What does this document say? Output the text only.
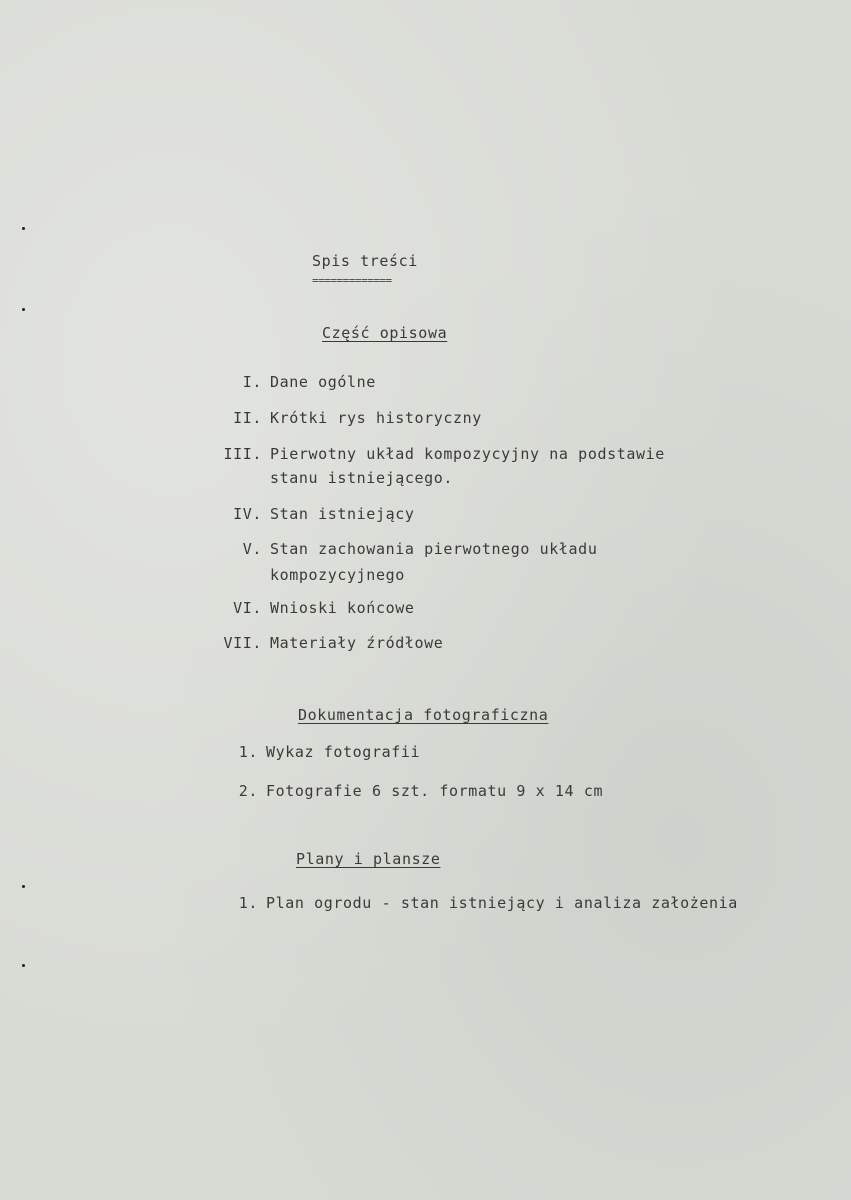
Spis treści
=============
Część opisowa
I. Dane ogólne
II. Krótki rys historyczny
III. Pierwotny układ kompozycyjny na podstawie
stanu istniejącego.
IV. Stan istniejący
V. Stan zachowania pierwotnego układu
kompozycyjnego
VI. Wnioski końcowe
VII. Materiały źródłowe
Dokumentacja fotograficzna
1. Wykaz fotografii
2. Fotografie 6 szt. formatu 9 x 14 cm
Plany i plansze
1. Plan ogrodu - stan istniejący i analiza założenia
